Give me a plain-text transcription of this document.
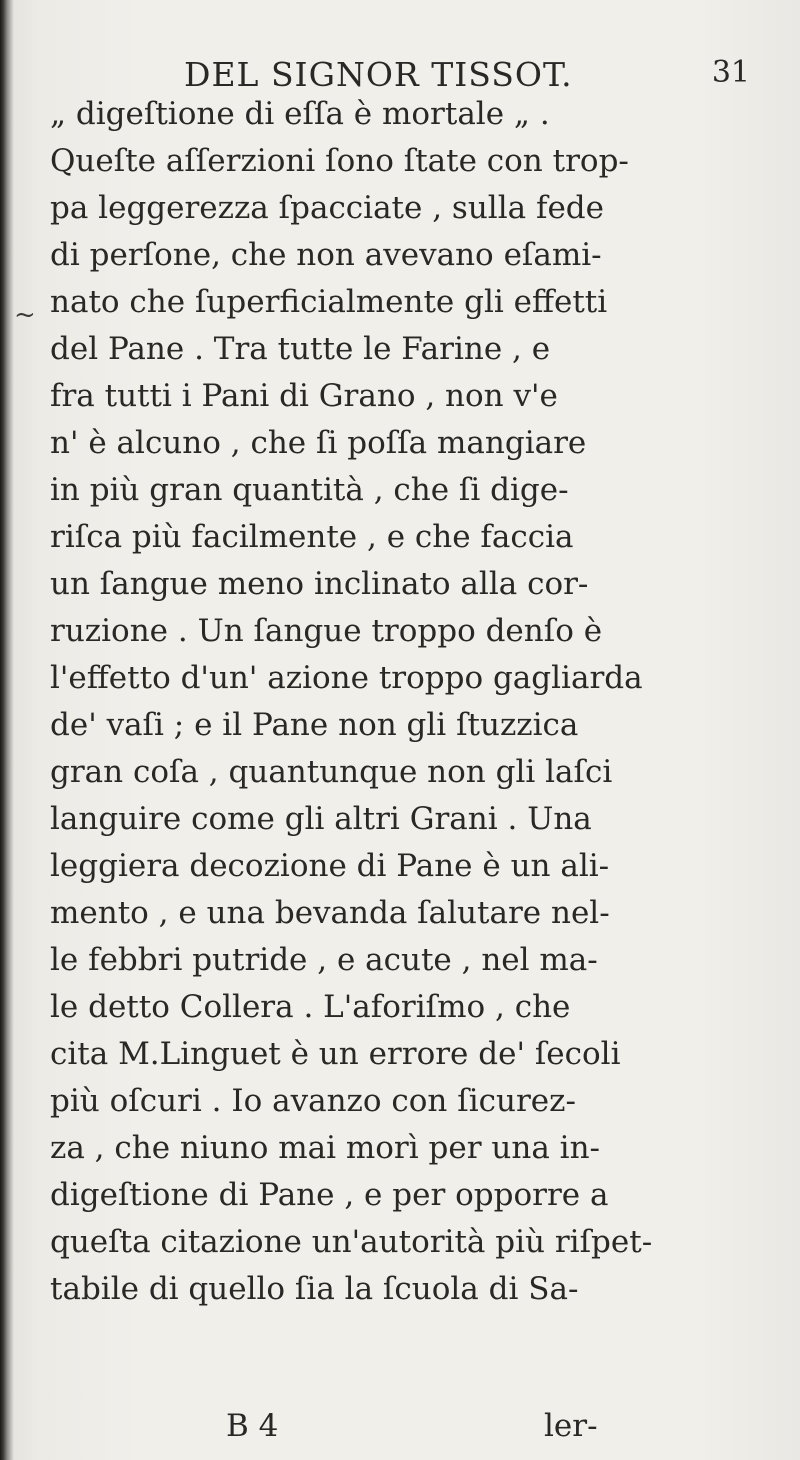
DEL SIGNOR TISSOT.	31
~
„ digeſtione di eſſa è mortale „ .
Queſte aſſerzioni ſono ſtate con trop-
pa leggerezza ſpacciate , sulla fede
di perſone, che non avevano eſami-
nato che ſuperficialmente gli effetti
del Pane . Tra tutte le Farine , e
fra tutti i Pani di Grano , non v'e
n' è alcuno , che ſi poſſa mangiare
in più gran quantità , che ſi dige-
riſca più facilmente , e che faccia
un ſangue meno inclinato alla cor-
ruzione . Un ſangue troppo denſo è
l'effetto d'un' azione troppo gagliarda
de' vaſi ; e il Pane non gli ſtuzzica
gran coſa , quantunque non gli laſci
languire come gli altri Grani . Una
leggiera decozione di Pane è un ali-
mento , e una bevanda ſalutare nel-
le febbri putride , e acute , nel ma-
le detto Collera . L'aforiſmo , che
cita M.Linguet è un errore de' ſecoli
più oſcuri . Io avanzo con ſicurez-
za , che niuno mai morì per una in-
digeſtione di Pane , e per opporre a
queſta citazione un'autorità più riſpet-
tabile di quello ſia la ſcuola di Sa-
B 4	ler-
